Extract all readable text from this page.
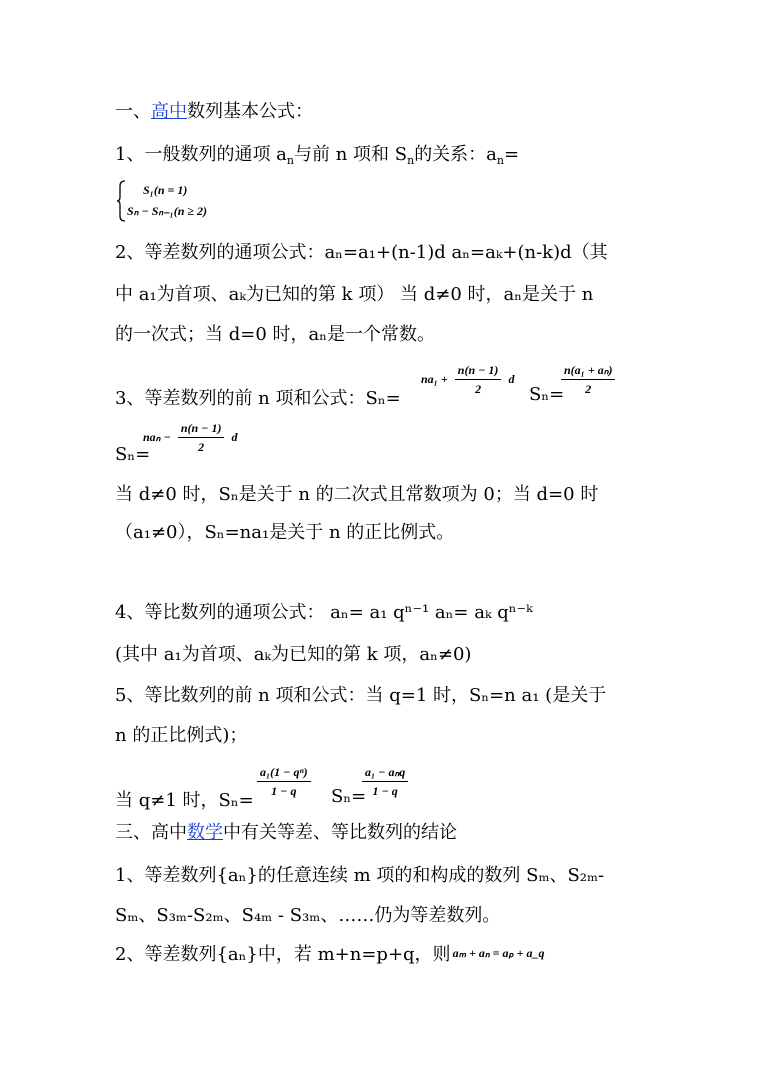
一、高中数列基本公式：
1、一般数列的通项 $a_n$与前 n 项和 $S_n$的关系：$a_n=$
S₁(n = 1)
Sₙ − Sₙ₋₁(n ≥ 2)
2、等差数列的通项公式：aₙ=a₁+(n-1)d aₙ=aₖ+(n-k)d（其
中 a₁为首项、aₖ为已知的第 k 项） 当 d≠0 时，aₙ是关于 n
的一次式；当 d=0 时，aₙ是一个常数。
3、等差数列的前 n 项和公式：Sₙ=
$na_1 + \frac{n(n - 1)}{2}$ d
Sₙ=
$\frac{\text{n(a₁ + aₙ)}}{2}$
Sₙ=
$na_n - \frac{n(n - 1)}{2}$ d
当 d≠0 时，Sₙ是关于 n 的二次式且常数项为 0；当 d=0 时
（a₁≠0），Sₙ=na₁是关于 n 的正比例式。
4、等比数列的通项公式： aₙ= a₁ qⁿ⁻¹ aₙ= aₖ qⁿ⁻ᵏ
(其中 a₁为首项、aₖ为已知的第 k 项，aₙ≠0)
5、等比数列的前 n 项和公式：当 q=1 时，Sₙ=n a₁ (是关于
n 的正比例式)；
当 q≠1 时，Sₙ=
$\frac{\text{a₁(1 − qⁿ)}}{1 - q} S_n=$
$\frac{\text{a₁ − aₙq}}{1 - q}$
三、高中数学中有关等差、等比数列的结论
1、等差数列{aₙ}的任意连续 m 项的和构成的数列 Sₘ、S₂ₘ-
Sₘ、S₃ₘ-S₂ₘ、S₄ₘ - S₃ₘ、……仍为等差数列。
2、等差数列{aₙ}中，若 m+n=p+q，则 aₘ + aₙ = aₚ + a_q
